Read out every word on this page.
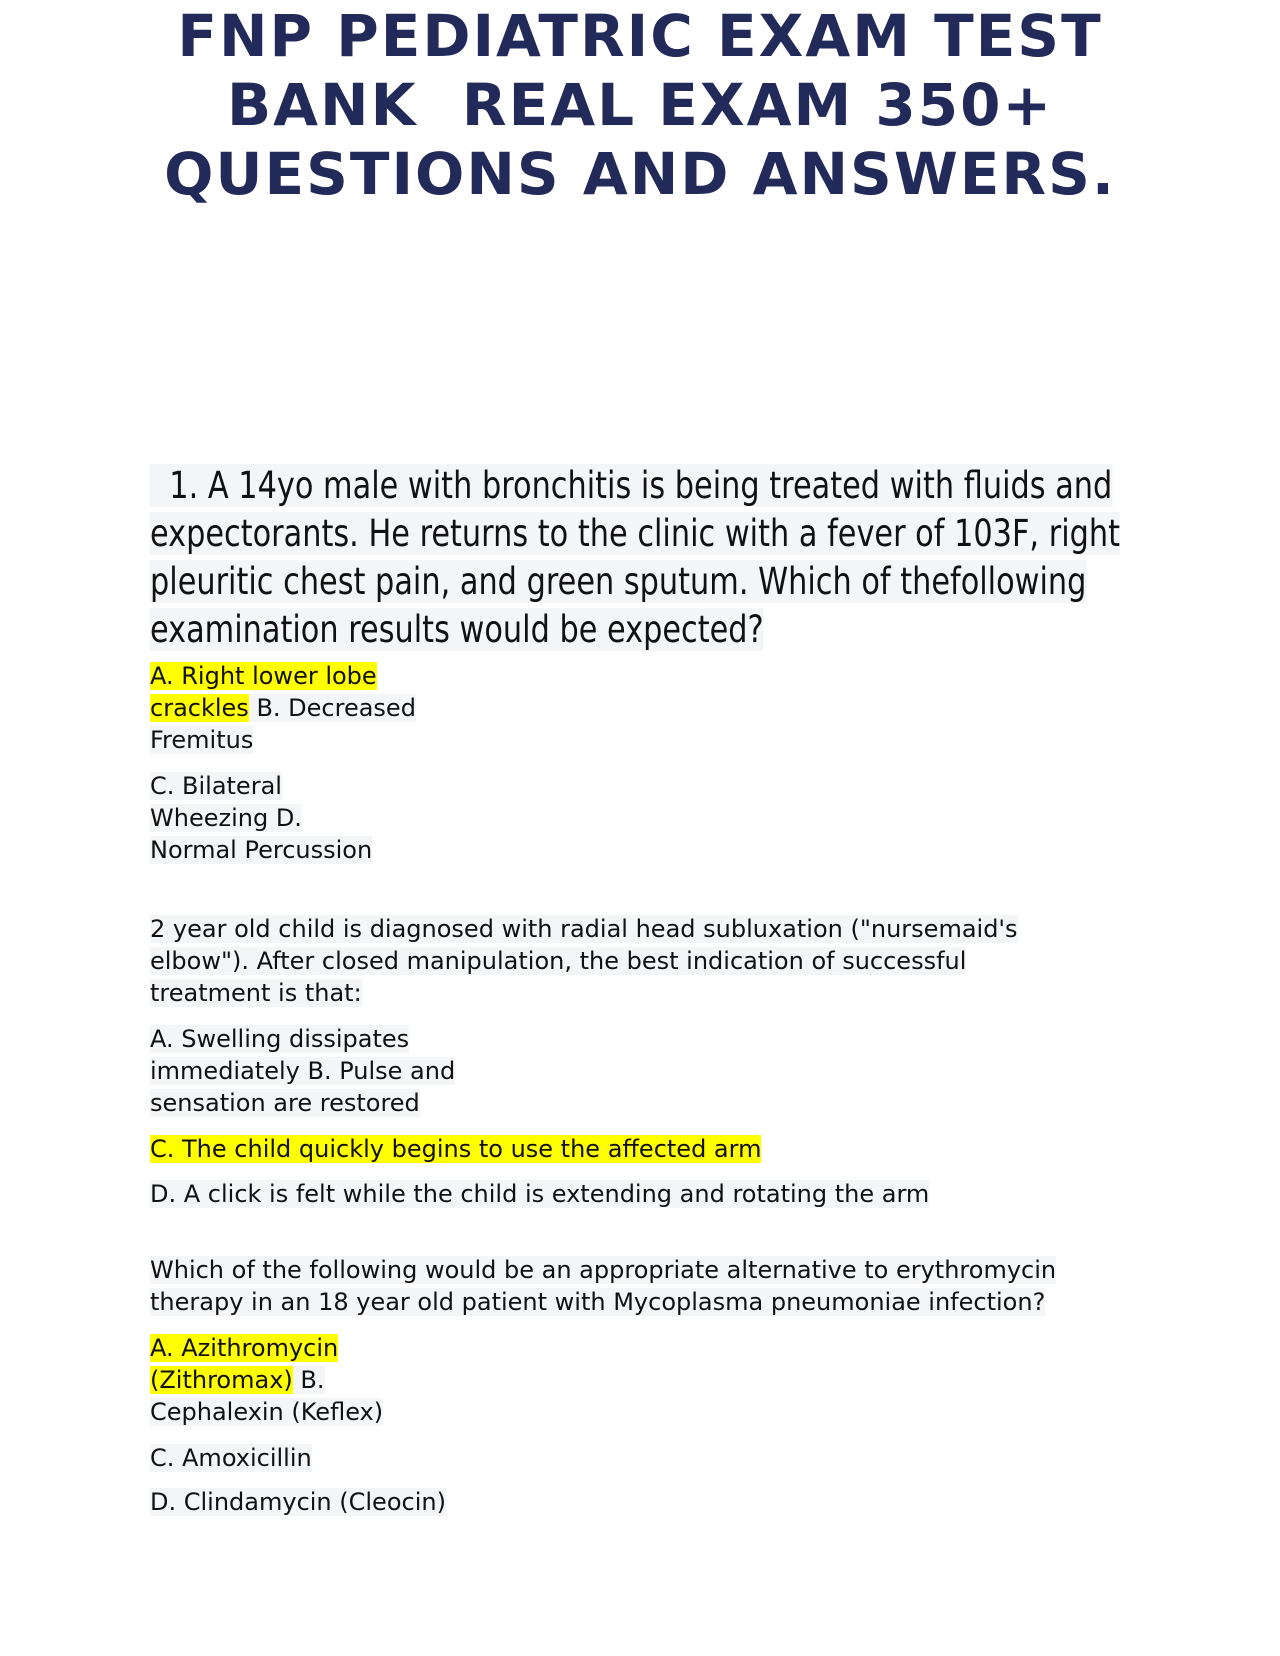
FNP PEDIATRIC EXAM TEST
BANK  REAL EXAM 350+
QUESTIONS AND ANSWERS.
1. A 14yo male with bronchitis is being treated with fluids and
expectorants. He returns to the clinic with a fever of 103F, right
pleuritic chest pain, and green sputum. Which of thefollowing
examination results would be expected?
A. Right lower lobe
crackles B. Decreased
Fremitus
C. Bilateral
Wheezing D.
Normal Percussion
2 year old child is diagnosed with radial head subluxation ("nursemaid's
elbow"). After closed manipulation, the best indication of successful
treatment is that:
A. Swelling dissipates
immediately B. Pulse and
sensation are restored
C. The child quickly begins to use the affected arm
D. A click is felt while the child is extending and rotating the arm
Which of the following would be an appropriate alternative to erythromycin
therapy in an 18 year old patient with Mycoplasma pneumoniae infection?
A. Azithromycin
(Zithromax) B.
Cephalexin (Keflex)
C. Amoxicillin
D. Clindamycin (Cleocin)
